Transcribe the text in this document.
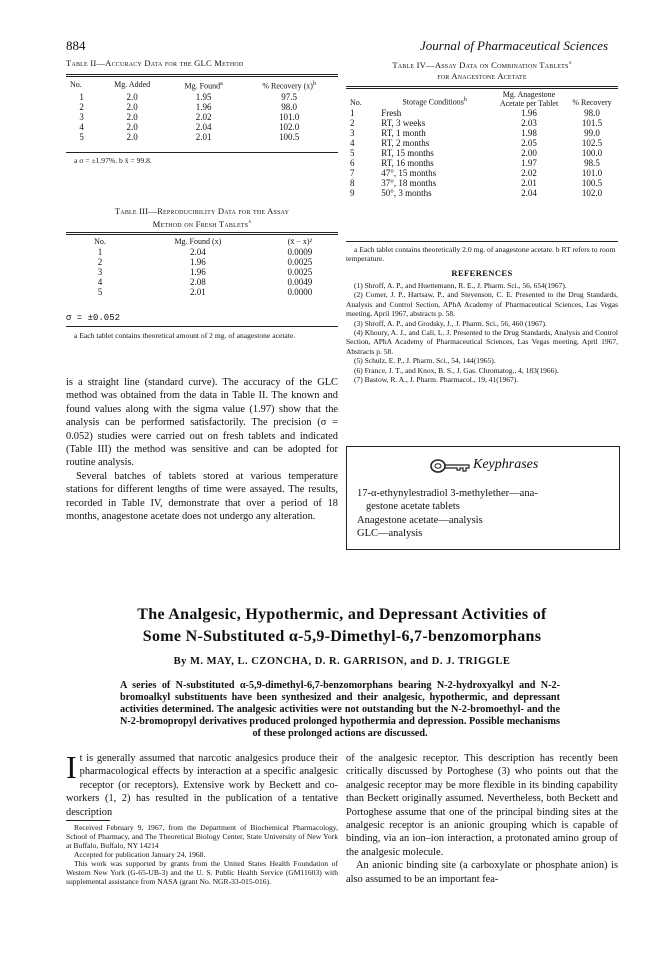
884	Journal of Pharmaceutical Sciences
Table II—Accuracy Data for the GLC Method
No.	Mg. Added	Mg. Found$^a$	% Recovery $(x)^b$
1	2.0	1.95	97.5
2	2.0	1.96	98.0
3	2.0	2.02	101.0
4	2.0	2.04	102.0
5	2.0	2.01	100.5
a σ = ±1.97%. b x̄ = 99.8.
Table III—Reproducibility Data for the Assay
Method on Fresh Tablets$^a$
No.	Mg. Found (x)	(x̄ − x)²
1	2.04	0.0009
2	1.96	0.0025
3	1.96	0.0025
4	2.08	0.0049
5	2.01	0.0000
σ = ±0.052
a Each tablet contains theoretical amount of 2 mg. of anagestone acetate.
Table IV—Assay Data on Combination Tablets$^a$
for Anagestone Acetate
No.	Storage Conditions$^b$	Mg. Anagestone Acetate per Tablet	% Recovery
1	Fresh	1.96	98.0
2	RT, 3 weeks	2.03	101.5
3	RT, 1 month	1.98	99.0
4	RT, 2 months	2.05	102.5
5	RT, 15 months	2.00	100.0
6	RT, 16 months	1.97	98.5
7	47°, 15 months	2.02	101.0
8	37°, 18 months	2.01	100.5
9	50°, 3 months	2.04	102.0
a Each tablet contains theoretically 2.0 mg. of anagestone acetate. b RT refers to room temperature.
REFERENCES

(1) Shroff, A. P., and Huettemann, R. E., J. Pharm. Sci., 56, 654(1967).

(2) Comer, J. P., Hartsaw, P., and Stevenson, C. E. Presented to the Drug Standards, Analysis and Control Section, APhA Academy of Pharmaceutical Sciences, Las Vegas meeting, April 1967, abstracts p. 58.

(3) Shroff, A. P., and Grodsky, J., J. Pharm. Sci., 56, 460 (1967).

(4) Khoury, A. J., and Cali, L. J. Presented to the Drug Standards, Analysis and Control Section, APhA Academy of Pharmaceutical Sciences, Las Vegas meeting, April 1967, Abstracts p. 58.

(5) Schulz, E. P., J. Pharm. Sci., 54, 144(1965).

(6) France, J. T., and Knox, B. S., J. Gas. Chromatog., 4, 183(1966).

(7) Bastow, R. A., J. Pharm. Pharmacol., 19, 41(1967).

is a straight line (standard curve). The accuracy of the GLC method was obtained from the data in Table II. The known and found values along with the sigma value (1.97) show that the analysis can be performed satisfactorily. The precision (σ = 0.052) studies were carried out on fresh tablets and indicated (Table III) the method was sensitive and can be adopted for routine analysis.
Several batches of tablets stored at various temperature stations for different lengths of time were assayed. The results, recorded in Table IV, demonstrate that over a period of 18 months, anagestone acetate does not undergo any alteration.
Keyphrases
17-α-ethynylestradiol 3-methylether—ana-
gestone acetate tablets
Anagestone acetate—analysis
GLC—analysis
The Analgesic, Hypothermic, and Depressant Activities of
Some N-Substituted α-5,9-Dimethyl-6,7-benzomorphans
By M. MAY, L. CZONCHA, D. R. GARRISON, and D. J. TRIGGLE
A series of N-substituted α-5,9-dimethyl-6,7-benzomorphans bearing N-2-hydroxyalkyl and N-2-bromoalkyl substituents have been synthesized and their analgesic, hypothermic, and depressant activities determined. The analgesic activities were not outstanding but the N-2-bromoethyl- and the N-2-bromopropyl derivatives produced prolonged hypothermia and depression. Possible mechanisms of these prolonged actions are discussed.
It is generally assumed that narcotic analgesics produce their pharmacological effects by interaction at a specific analgesic receptor (or receptors). Extensive work by Beckett and co-workers (1, 2) has resulted in the publication of a tentative description

Received February 9, 1967, from the Department of Biochemical Pharmacology, School of Pharmacy, and The Theoretical Biology Center, State University of New York at Buffalo, Buffalo, NY 14214

Accepted for publication January 24, 1968.

This work was supported by grants from the United States Health Foundation of Western New York (G-65-UB-3) and the U. S. Public Health Service (GM11603) with supplemental assistance from NASA (grant No. NGR-33-015-016).

of the analgesic receptor. This description has recently been critically discussed by Portoghese (3) who points out that the analgesic receptor may be more flexible in its binding capability than Beckett originally assumed. Nevertheless, both Beckett and Portoghese assume that one of the principal binding sites at the analgesic receptor is an anionic grouping which is capable of binding, via an ion–ion interaction, a protonated amino group of the analgesic molecule.
An anionic binding site (a carboxylate or phosphate anion) is also assumed to be an important fea-
